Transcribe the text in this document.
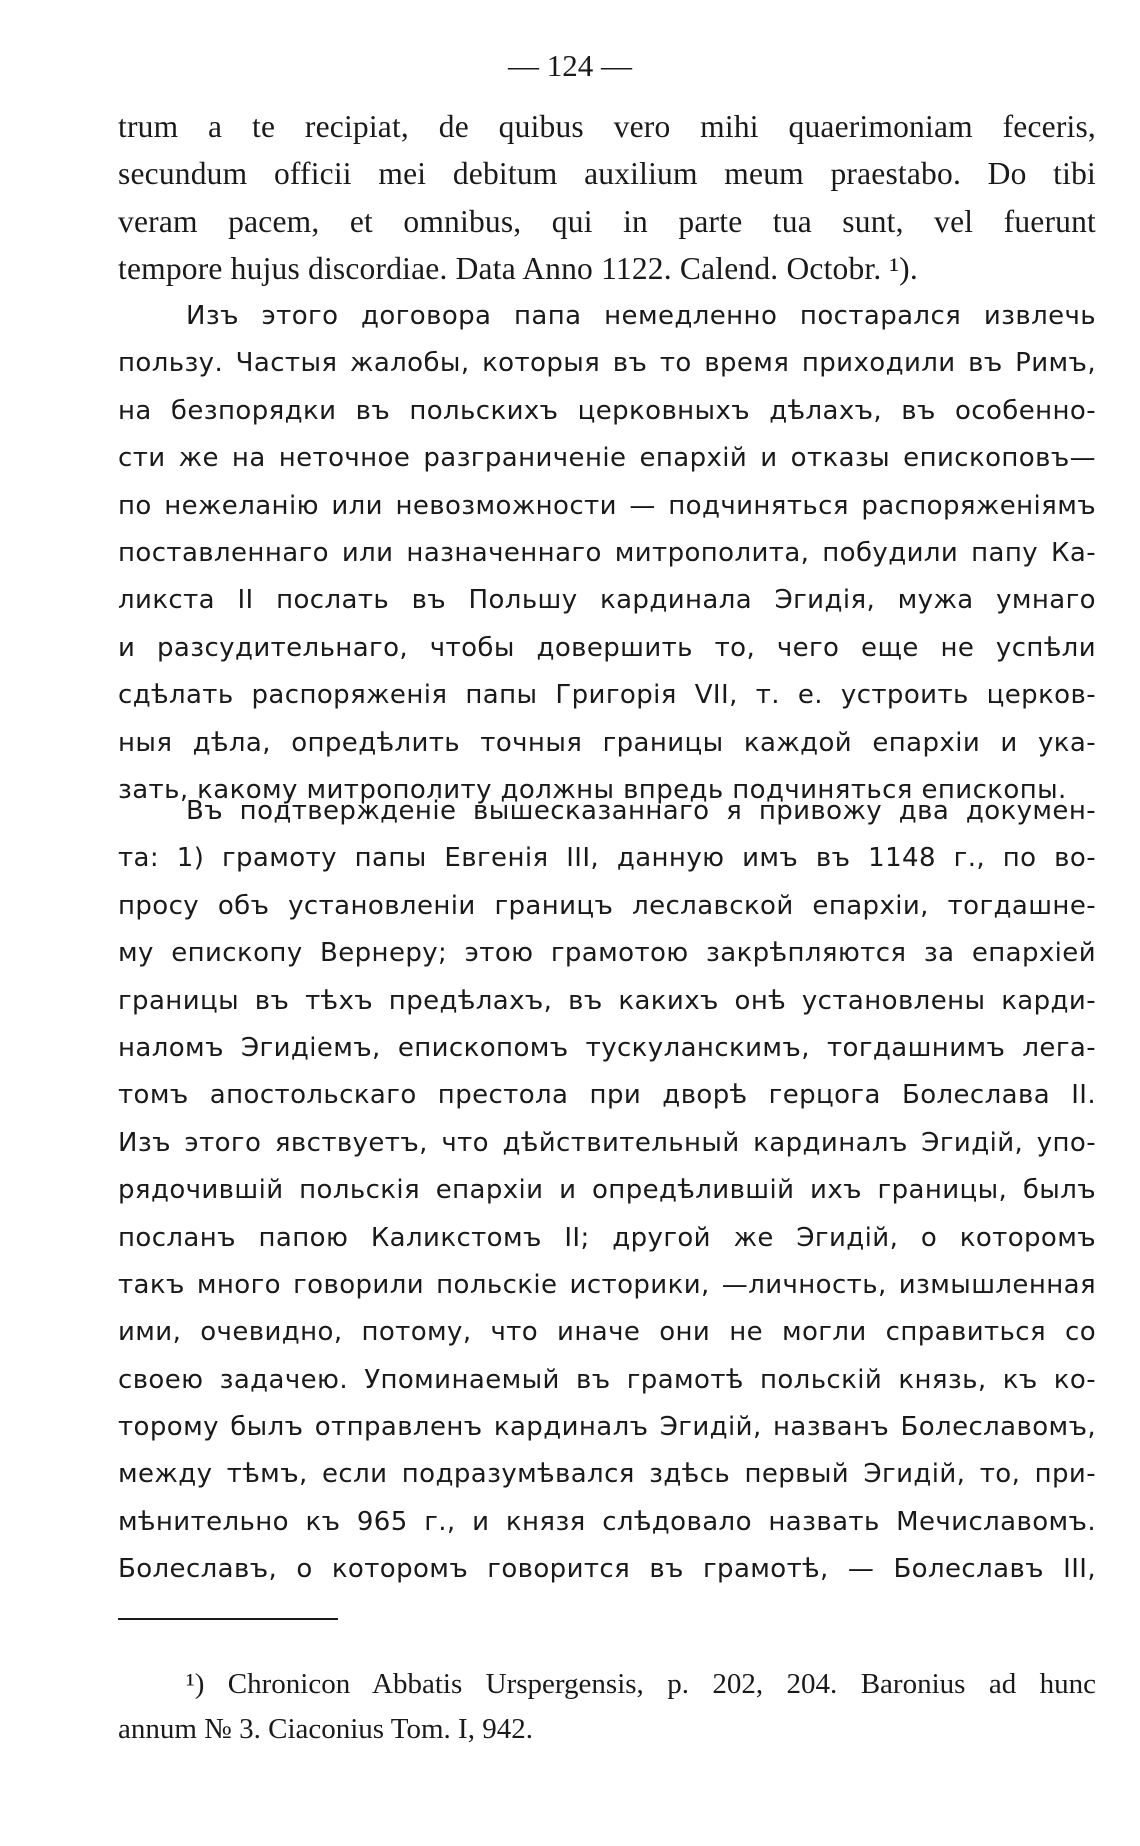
— 124 —
trum a te recipiat, de quibus vero mihi quaerimoniam feceris,
secundum officii mei debitum auxilium meum praestabo. Do tibi
veram pacem, et omnibus, qui in parte tua sunt, vel fuerunt
tempore hujus discordiae. Data Anno 1122. Calend. Octobr. ¹).
Изъ этого договора папа немедленно постарался извлечь
пользу. Частыя жалобы, которыя въ то время приходили въ Римъ,
на безпорядки въ польскихъ церковныхъ дѣлахъ, въ особенно-
сти же на неточное разграниченіе епархій и отказы епископовъ—
по нежеланію или невозможности — подчиняться распоряженіямъ
поставленнаго или назначеннаго митрополита, побудили папу Ка-
ликста II послать въ Польшу кардинала Эгидія, мужа умнаго
и разсудительнаго, чтобы довершить то, чего еще не успѣли
сдѣлать распоряженія папы Григорія VII, т. е. устроить церков-
ныя дѣла, опредѣлить точныя границы каждой епархіи и ука-
зать, какому митрополиту должны впредь подчиняться епископы.
Въ подтвержденіе вышесказаннаго я привожу два докумен-
та: 1) грамоту папы Евгенія III, данную имъ въ 1148 г., по во-
просу объ установленіи границъ леславской епархіи, тогдашне-
му епископу Вернеру; этою грамотою закрѣпляются за епархіей
границы въ тѣхъ предѣлахъ, въ какихъ онѣ установлены карди-
наломъ Эгидіемъ, епископомъ тускуланскимъ, тогдашнимъ лега-
томъ апостольскаго престола при дворѣ герцога Болеслава II.
Изъ этого явствуетъ, что дѣйствительный кардиналъ Эгидій, упо-
рядочившій польскія епархіи и опредѣлившій ихъ границы, былъ
посланъ папою Каликстомъ II; другой же Эгидій, о которомъ
такъ много говорили польскіе историки, —личность, измышленная
ими, очевидно, потому, что иначе они не могли справиться со
своею задачею. Упоминаемый въ грамотѣ польскій князь, къ ко-
торому былъ отправленъ кардиналъ Эгидій, названъ Болеславомъ,
между тѣмъ, если подразумѣвался здѣсь первый Эгидій, то, при-
мѣнительно къ 965 г., и князя слѣдовало назвать Мечиславомъ.
Болеславъ, о которомъ говорится въ грамотѣ, — Болеславъ III,
¹) Chronicon Abbatis Urspergensis, p. 202, 204. Baronius ad hunc
annum № 3. Ciaconius Tom. I, 942.
